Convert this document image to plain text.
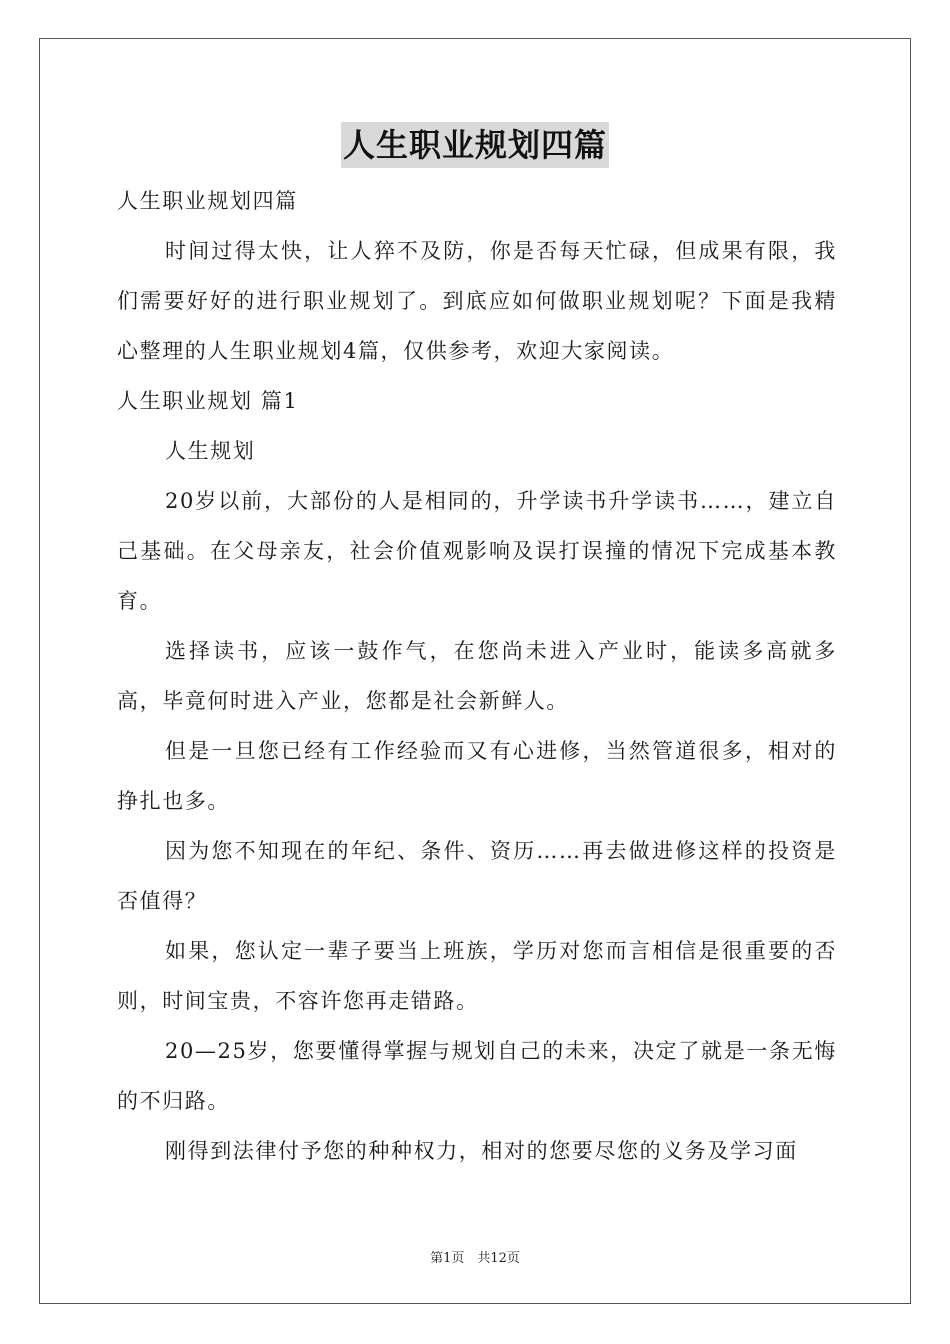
人生职业规划四篇
人生职业规划四篇

时间过得太快，让人猝不及防，你是否每天忙碌，但成果有限，我们需要好好的进行职业规划了。到底应如何做职业规划呢？下面是我精心整理的人生职业规划4篇，仅供参考，欢迎大家阅读。

人生职业规划 篇1

人生规划

20岁以前，大部份的人是相同的，升学读书升学读书……，建立自己基础。在父母亲友，社会价值观影响及误打误撞的情况下完成基本教育。

选择读书，应该一鼓作气，在您尚未进入产业时，能读多高就多高，毕竟何时进入产业，您都是社会新鲜人。

但是一旦您已经有工作经验而又有心进修，当然管道很多，相对的挣扎也多。

因为您不知现在的年纪、条件、资历……再去做进修这样的投资是否值得？

如果，您认定一辈子要当上班族，学历对您而言相信是很重要的否则，时间宝贵，不容许您再走错路。

20—25岁，您要懂得掌握与规划自己的未来，决定了就是一条无悔的不归路。

刚得到法律付予您的种种权力，相对的您要尽您的义务及学习面

第1页　共12页
